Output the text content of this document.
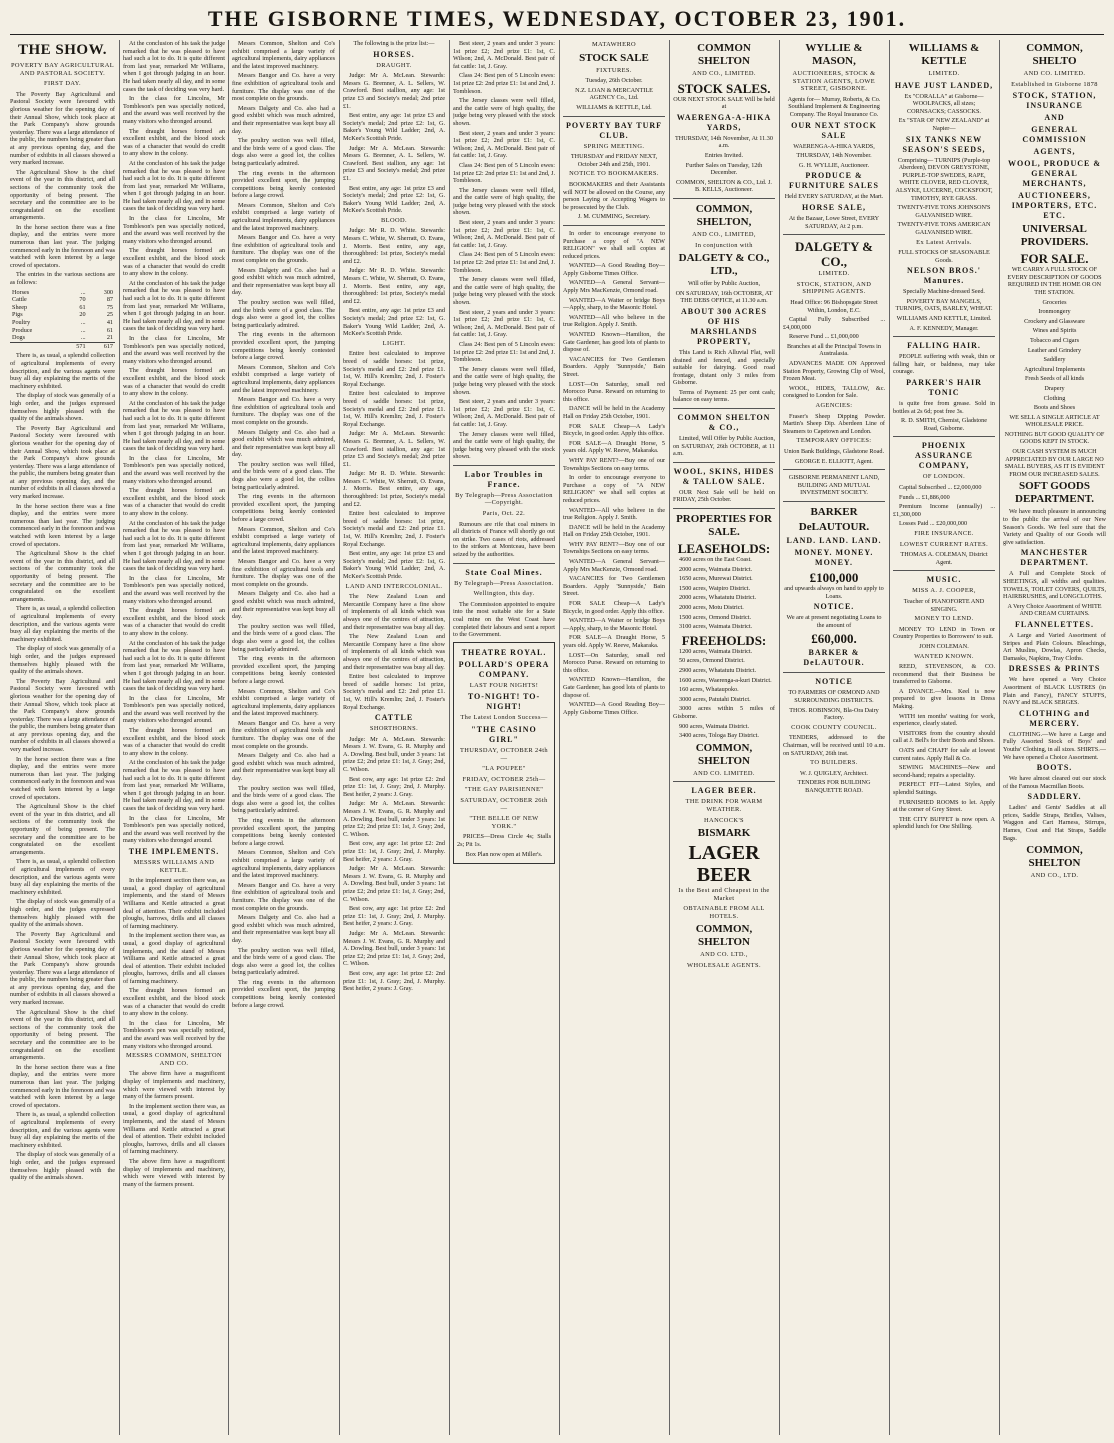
THE GISBORNE TIMES, WEDNESDAY, OCTOBER 23, 1901.
THE SHOW.
POVERTY BAY AGRICULTURAL AND PASTORAL SOCIETY.
FIRST DAY.

The Poverty Bay Agricultural and Pastoral Society were favoured with glorious weather for the opening day of their Annual Show, which took place at the Park Company's show grounds yesterday. There was a large attendance of the public, the numbers being greater than at any previous opening day, and the number of exhibits in all classes showed a very marked increase.

The Agricultural Show is the chief event of the year in this district, and all sections of the community took the opportunity of being present. The secretary and the committee are to be congratulated on the excellent arrangements.

In the horse section there was a fine display, and the entries were more numerous than last year. The judging commenced early in the forenoon and was watched with keen interest by a large crowd of spectators.

The entries in the various sections are as follows:

Horses	...	300
Cattle	70	87
Sheep	61	75
Pigs	20	25
Poultry	...	41
Produce	...	61
Dogs	...	21
	571	617

There is, as usual, a splendid collection of agricultural implements of every description, and the various agents were busy all day explaining the merits of the machinery exhibited.

The display of stock was generally of a high order, and the judges expressed themselves highly pleased with the quality of the animals shown.

The Poverty Bay Agricultural and Pastoral Society were favoured with glorious weather for the opening day of their Annual Show, which took place at the Park Company's show grounds yesterday. There was a large attendance of the public, the numbers being greater than at any previous opening day, and the number of exhibits in all classes showed a very marked increase.

In the horse section there was a fine display, and the entries were more numerous than last year. The judging commenced early in the forenoon and was watched with keen interest by a large crowd of spectators.

The Agricultural Show is the chief event of the year in this district, and all sections of the community took the opportunity of being present. The secretary and the committee are to be congratulated on the excellent arrangements.

There is, as usual, a splendid collection of agricultural implements of every description, and the various agents were busy all day explaining the merits of the machinery exhibited.

The display of stock was generally of a high order, and the judges expressed themselves highly pleased with the quality of the animals shown.

The Poverty Bay Agricultural and Pastoral Society were favoured with glorious weather for the opening day of their Annual Show, which took place at the Park Company's show grounds yesterday. There was a large attendance of the public, the numbers being greater than at any previous opening day, and the number of exhibits in all classes showed a very marked increase.

In the horse section there was a fine display, and the entries were more numerous than last year. The judging commenced early in the forenoon and was watched with keen interest by a large crowd of spectators.

The Agricultural Show is the chief event of the year in this district, and all sections of the community took the opportunity of being present. The secretary and the committee are to be congratulated on the excellent arrangements.

There is, as usual, a splendid collection of agricultural implements of every description, and the various agents were busy all day explaining the merits of the machinery exhibited.

The display of stock was generally of a high order, and the judges expressed themselves highly pleased with the quality of the animals shown.

The Poverty Bay Agricultural and Pastoral Society were favoured with glorious weather for the opening day of their Annual Show, which took place at the Park Company's show grounds yesterday. There was a large attendance of the public, the numbers being greater than at any previous opening day, and the number of exhibits in all classes showed a very marked increase.

The Agricultural Show is the chief event of the year in this district, and all sections of the community took the opportunity of being present. The secretary and the committee are to be congratulated on the excellent arrangements.

In the horse section there was a fine display, and the entries were more numerous than last year. The judging commenced early in the forenoon and was watched with keen interest by a large crowd of spectators.

There is, as usual, a splendid collection of agricultural implements of every description, and the various agents were busy all day explaining the merits of the machinery exhibited.

The display of stock was generally of a high order, and the judges expressed themselves highly pleased with the quality of the animals shown.

At the conclusion of his task the judge remarked that he was pleased to have had such a lot to do. It is quite different from last year, remarked Mr Williams, when I got through judging in an hour. He had taken nearly all day, and in some cases the task of deciding was very hard.

In the class for Lincolns, Mr Tombleson's pen was specially noticed, and the award was well received by the many visitors who thronged around.

The draught horses formed an excellent exhibit, and the blood stock was of a character that would do credit to any show in the colony.

At the conclusion of his task the judge remarked that he was pleased to have had such a lot to do. It is quite different from last year, remarked Mr Williams, when I got through judging in an hour. He had taken nearly all day, and in some cases the task of deciding was very hard.

In the class for Lincolns, Mr Tombleson's pen was specially noticed, and the award was well received by the many visitors who thronged around.

The draught horses formed an excellent exhibit, and the blood stock was of a character that would do credit to any show in the colony.

At the conclusion of his task the judge remarked that he was pleased to have had such a lot to do. It is quite different from last year, remarked Mr Williams, when I got through judging in an hour. He had taken nearly all day, and in some cases the task of deciding was very hard.

In the class for Lincolns, Mr Tombleson's pen was specially noticed, and the award was well received by the many visitors who thronged around.

The draught horses formed an excellent exhibit, and the blood stock was of a character that would do credit to any show in the colony.

At the conclusion of his task the judge remarked that he was pleased to have had such a lot to do. It is quite different from last year, remarked Mr Williams, when I got through judging in an hour. He had taken nearly all day, and in some cases the task of deciding was very hard.

In the class for Lincolns, Mr Tombleson's pen was specially noticed, and the award was well received by the many visitors who thronged around.

The draught horses formed an excellent exhibit, and the blood stock was of a character that would do credit to any show in the colony.

At the conclusion of his task the judge remarked that he was pleased to have had such a lot to do. It is quite different from last year, remarked Mr Williams, when I got through judging in an hour. He had taken nearly all day, and in some cases the task of deciding was very hard.

In the class for Lincolns, Mr Tombleson's pen was specially noticed, and the award was well received by the many visitors who thronged around.

The draught horses formed an excellent exhibit, and the blood stock was of a character that would do credit to any show in the colony.

At the conclusion of his task the judge remarked that he was pleased to have had such a lot to do. It is quite different from last year, remarked Mr Williams, when I got through judging in an hour. He had taken nearly all day, and in some cases the task of deciding was very hard.

In the class for Lincolns, Mr Tombleson's pen was specially noticed, and the award was well received by the many visitors who thronged around.

The draught horses formed an excellent exhibit, and the blood stock was of a character that would do credit to any show in the colony.

At the conclusion of his task the judge remarked that he was pleased to have had such a lot to do. It is quite different from last year, remarked Mr Williams, when I got through judging in an hour. He had taken nearly all day, and in some cases the task of deciding was very hard.

In the class for Lincolns, Mr Tombleson's pen was specially noticed, and the award was well received by the many visitors who thronged around.

THE IMPLEMENTS.
MESSRS WILLIAMS AND KETTLE.

In the implement section there was, as usual, a good display of agricultural implements, and the stand of Messrs Williams and Kettle attracted a great deal of attention. Their exhibit included ploughs, harrows, drills and all classes of farming machinery.

In the implement section there was, as usual, a good display of agricultural implements, and the stand of Messrs Williams and Kettle attracted a great deal of attention. Their exhibit included ploughs, harrows, drills and all classes of farming machinery.

The draught horses formed an excellent exhibit, and the blood stock was of a character that would do credit to any show in the colony.

In the class for Lincolns, Mr Tombleson's pen was specially noticed, and the award was well received by the many visitors who thronged around.

MESSRS COMMON, SHELTON AND CO.

The above firm have a magnificent display of implements and machinery, which were viewed with interest by many of the farmers present.

In the implement section there was, as usual, a good display of agricultural implements, and the stand of Messrs Williams and Kettle attracted a great deal of attention. Their exhibit included ploughs, harrows, drills and all classes of farming machinery.

The above firm have a magnificent display of implements and machinery, which were viewed with interest by many of the farmers present.

Messrs Common, Shelton and Co's exhibit comprised a large variety of agricultural implements, dairy appliances and the latest improved machinery.

Messrs Bangor and Co. have a very fine exhibition of agricultural tools and furniture. The display was one of the most complete on the grounds.

Messrs Dalgety and Co. also had a good exhibit which was much admired, and their representative was kept busy all day.

The poultry section was well filled, and the birds were of a good class. The dogs also were a good lot, the collies being particularly admired.

The ring events in the afternoon provided excellent sport, the jumping competitions being keenly contested before a large crowd.

Messrs Common, Shelton and Co's exhibit comprised a large variety of agricultural implements, dairy appliances and the latest improved machinery.

Messrs Bangor and Co. have a very fine exhibition of agricultural tools and furniture. The display was one of the most complete on the grounds.

Messrs Dalgety and Co. also had a good exhibit which was much admired, and their representative was kept busy all day.

The poultry section was well filled, and the birds were of a good class. The dogs also were a good lot, the collies being particularly admired.

The ring events in the afternoon provided excellent sport, the jumping competitions being keenly contested before a large crowd.

Messrs Common, Shelton and Co's exhibit comprised a large variety of agricultural implements, dairy appliances and the latest improved machinery.

Messrs Bangor and Co. have a very fine exhibition of agricultural tools and furniture. The display was one of the most complete on the grounds.

Messrs Dalgety and Co. also had a good exhibit which was much admired, and their representative was kept busy all day.

The poultry section was well filled, and the birds were of a good class. The dogs also were a good lot, the collies being particularly admired.

The ring events in the afternoon provided excellent sport, the jumping competitions being keenly contested before a large crowd.

Messrs Common, Shelton and Co's exhibit comprised a large variety of agricultural implements, dairy appliances and the latest improved machinery.

Messrs Bangor and Co. have a very fine exhibition of agricultural tools and furniture. The display was one of the most complete on the grounds.

Messrs Dalgety and Co. also had a good exhibit which was much admired, and their representative was kept busy all day.

The poultry section was well filled, and the birds were of a good class. The dogs also were a good lot, the collies being particularly admired.

The ring events in the afternoon provided excellent sport, the jumping competitions being keenly contested before a large crowd.

Messrs Common, Shelton and Co's exhibit comprised a large variety of agricultural implements, dairy appliances and the latest improved machinery.

Messrs Bangor and Co. have a very fine exhibition of agricultural tools and furniture. The display was one of the most complete on the grounds.

Messrs Dalgety and Co. also had a good exhibit which was much admired, and their representative was kept busy all day.

The poultry section was well filled, and the birds were of a good class. The dogs also were a good lot, the collies being particularly admired.

The ring events in the afternoon provided excellent sport, the jumping competitions being keenly contested before a large crowd.

Messrs Common, Shelton and Co's exhibit comprised a large variety of agricultural implements, dairy appliances and the latest improved machinery.

Messrs Bangor and Co. have a very fine exhibition of agricultural tools and furniture. The display was one of the most complete on the grounds.

Messrs Dalgety and Co. also had a good exhibit which was much admired, and their representative was kept busy all day.

The poultry section was well filled, and the birds were of a good class. The dogs also were a good lot, the collies being particularly admired.

The ring events in the afternoon provided excellent sport, the jumping competitions being keenly contested before a large crowd.

The following is the prize list:—

HORSES.
DRAUGHT.

Judge: Mr A. McLean. Stewards: Messrs G. Bremner, A. L. Sellers, W. Crawford. Best stallion, any age: 1st prize £3 and Society's medal; 2nd prize £1.

Best entire, any age: 1st prize £3 and Society's medal; 2nd prize £2: 1st, G. Baker's Young Wild Ladder; 2nd, A. McKee's Scottish Pride.

Judge: Mr A. McLean. Stewards: Messrs G. Bremner, A. L. Sellers, W. Crawford. Best stallion, any age: 1st prize £3 and Society's medal; 2nd prize £1.

Best entire, any age: 1st prize £3 and Society's medal; 2nd prize £2: 1st, G. Baker's Young Wild Ladder; 2nd, A. McKee's Scottish Pride.

BLOOD.

Judge: Mr R. D. White. Stewards: Messrs C. White, W. Sherratt, O. Evans, J. Morris. Best entire, any age, thoroughbred: 1st prize, Society's medal and £2.

Judge: Mr R. D. White. Stewards: Messrs C. White, W. Sherratt, O. Evans, J. Morris. Best entire, any age, thoroughbred: 1st prize, Society's medal and £2.

Best entire, any age: 1st prize £3 and Society's medal; 2nd prize £2: 1st, G. Baker's Young Wild Ladder; 2nd, A. McKee's Scottish Pride.

LIGHT.

Entire best calculated to improve breed of saddle horses: 1st prize, Society's medal and £2: 2nd prize £1. 1st, W. Hill's Kremlin; 2nd, J. Foster's Royal Exchange.

Entire best calculated to improve breed of saddle horses: 1st prize, Society's medal and £2: 2nd prize £1. 1st, W. Hill's Kremlin; 2nd, J. Foster's Royal Exchange.

Judge: Mr A. McLean. Stewards: Messrs G. Bremner, A. L. Sellers, W. Crawford. Best stallion, any age: 1st prize £3 and Society's medal; 2nd prize £1.

Judge: Mr R. D. White. Stewards: Messrs C. White, W. Sherratt, O. Evans, J. Morris. Best entire, any age, thoroughbred: 1st prize, Society's medal and £2.

Entire best calculated to improve breed of saddle horses: 1st prize, Society's medal and £2: 2nd prize £1. 1st, W. Hill's Kremlin; 2nd, J. Foster's Royal Exchange.

Best entire, any age: 1st prize £3 and Society's medal; 2nd prize £2: 1st, G. Baker's Young Wild Ladder; 2nd, A. McKee's Scottish Pride.

LAND AND INTERCOLONIAL.

The New Zealand Loan and Mercantile Company have a fine show of implements of all kinds which was always one of the centres of attraction, and their representative was busy all day.

The New Zealand Loan and Mercantile Company have a fine show of implements of all kinds which was always one of the centres of attraction, and their representative was busy all day.

Entire best calculated to improve breed of saddle horses: 1st prize, Society's medal and £2: 2nd prize £1. 1st, W. Hill's Kremlin; 2nd, J. Foster's Royal Exchange.

CATTLE
SHORTHORNS.

Judge: Mr A. McLean. Stewards: Messrs J. W. Evans, G. R. Murphy and A. Dowling. Best bull, under 3 years: 1st prize £2; 2nd prize £1: 1st, J. Gray; 2nd, C. Wilson.

Best cow, any age: 1st prize £2: 2nd prize £1: 1st, J. Gray; 2nd, J. Murphy. Best heifer, 2 years: J. Gray.

Judge: Mr A. McLean. Stewards: Messrs J. W. Evans, G. R. Murphy and A. Dowling. Best bull, under 3 years: 1st prize £2; 2nd prize £1: 1st, J. Gray; 2nd, C. Wilson.

Best cow, any age: 1st prize £2: 2nd prize £1: 1st, J. Gray; 2nd, J. Murphy. Best heifer, 2 years: J. Gray.

Judge: Mr A. McLean. Stewards: Messrs J. W. Evans, G. R. Murphy and A. Dowling. Best bull, under 3 years: 1st prize £2; 2nd prize £1: 1st, J. Gray; 2nd, C. Wilson.

Best cow, any age: 1st prize £2: 2nd prize £1: 1st, J. Gray; 2nd, J. Murphy. Best heifer, 2 years: J. Gray.

Judge: Mr A. McLean. Stewards: Messrs J. W. Evans, G. R. Murphy and A. Dowling. Best bull, under 3 years: 1st prize £2; 2nd prize £1: 1st, J. Gray; 2nd, C. Wilson.

Best cow, any age: 1st prize £2: 2nd prize £1: 1st, J. Gray; 2nd, J. Murphy. Best heifer, 2 years: J. Gray.

Best steer, 2 years and under 3 years: 1st prize £2; 2nd prize £1: 1st, C. Wilson; 2nd, A. McDonald. Best pair of fat cattle: 1st, J. Gray.

Class 24: Best pen of 5 Lincoln ewes: 1st prize £2: 2nd prize £1: 1st and 2nd, J. Tombleson.

The Jersey classes were well filled, and the cattle were of high quality, the judge being very pleased with the stock shown.

Best steer, 2 years and under 3 years: 1st prize £2; 2nd prize £1: 1st, C. Wilson; 2nd, A. McDonald. Best pair of fat cattle: 1st, J. Gray.

Class 24: Best pen of 5 Lincoln ewes: 1st prize £2: 2nd prize £1: 1st and 2nd, J. Tombleson.

The Jersey classes were well filled, and the cattle were of high quality, the judge being very pleased with the stock shown.

Best steer, 2 years and under 3 years: 1st prize £2; 2nd prize £1: 1st, C. Wilson; 2nd, A. McDonald. Best pair of fat cattle: 1st, J. Gray.

Class 24: Best pen of 5 Lincoln ewes: 1st prize £2: 2nd prize £1: 1st and 2nd, J. Tombleson.

The Jersey classes were well filled, and the cattle were of high quality, the judge being very pleased with the stock shown.

Best steer, 2 years and under 3 years: 1st prize £2; 2nd prize £1: 1st, C. Wilson; 2nd, A. McDonald. Best pair of fat cattle: 1st, J. Gray.

Class 24: Best pen of 5 Lincoln ewes: 1st prize £2: 2nd prize £1: 1st and 2nd, J. Tombleson.

The Jersey classes were well filled, and the cattle were of high quality, the judge being very pleased with the stock shown.

Best steer, 2 years and under 3 years: 1st prize £2; 2nd prize £1: 1st, C. Wilson; 2nd, A. McDonald. Best pair of fat cattle: 1st, J. Gray.

The Jersey classes were well filled, and the cattle were of high quality, the judge being very pleased with the stock shown.

Labor Troubles in France.
By Telegraph—Press Association—Copyright.
Paris, Oct. 22.

Rumours are rife that coal miners in all districts of France will shortly go out on strike. Two cases of riots, addressed to the strikers at Montceau, have been seized by the authorities.

State Coal Mines.
By Telegraph—Press Association.
Wellington, this day.

The Commission appointed to enquire into the most suitable site for a State coal mine on the West Coast have completed their labours and sent a report to the Government.

THEATRE ROYAL.
POLLARD'S OPERA COMPANY.
LAST FOUR NIGHTS!
TO-NIGHT! TO-NIGHT!
The Latest London Success—
"THE CASINO GIRL"
THURSDAY, OCTOBER 24th—
"LA POUPEE"
FRIDAY, OCTOBER 25th—
"THE GAY PARISIENNE"
SATURDAY, OCTOBER 26th—
"THE BELLE OF NEW YORK."

PRICES—Dress Circle 4s; Stalls 2s; Pit 1s.

Box Plan now open at Miller's.

MATAWHERO
STOCK SALE
FIXTURES.

Tuesday, 26th October.

N.Z. LOAN & MERCANTILE AGENCY Co., Ltd.

WILLIAMS & KETTLE, Ltd.

POVERTY BAY TURF CLUB.
SPRING MEETING.

THURSDAY and FRIDAY NEXT, October 24th and 25th, 1901.

NOTICE TO BOOKMAKERS.

BOOKMAKERS and their Assistants will NOT be allowed on the Course, any person Laying or Accepting Wagers to be prosecuted by the Club.

J. M. CUMMING, Secretary.

In order to encourage everyone to Purchase a copy of "A NEW RELIGION" we shall sell copies at reduced prices.

WANTED—A Good Reading Boy—Apply Gisborne Times Office.

WANTED—A General Servant—Apply Mrs MacKenzie, Ormond road.

WANTED—A Waiter or bridge Boys—Apply, sharp, to the Masonic Hotel.

WANTED—All who believe in the true Religion. Apply J. Smith.

WANTED Known—Hamilton, the Gate Gardener, has good lots of plants to dispose of.

VACANCIES for Two Gentlemen Boarders. Apply 'Sunnyside,' Bain Street.

LOST—On Saturday, small red Morocco Purse. Reward on returning to this office.

DANCE will be held in the Academy Hall on Friday 25th October, 1901.

FOR SALE Cheap—A Lady's Bicycle, in good order. Apply this office.

FOR SALE—A Draught Horse, 5 years old. Apply W. Reeve, Makaraka.

WHY PAY RENT?—Buy one of our Townships Sections on easy terms.

In order to encourage everyone to Purchase a copy of "A NEW RELIGION" we shall sell copies at reduced prices.

WANTED—All who believe in the true Religion. Apply J. Smith.

DANCE will be held in the Academy Hall on Friday 25th October, 1901.

WHY PAY RENT?—Buy one of our Townships Sections on easy terms.

WANTED—A General Servant—Apply Mrs MacKenzie, Ormond road.

VACANCIES for Two Gentlemen Boarders. Apply 'Sunnyside,' Bain Street.

FOR SALE Cheap—A Lady's Bicycle, in good order. Apply this office.

WANTED—A Waiter or bridge Boys—Apply, sharp, to the Masonic Hotel.

FOR SALE—A Draught Horse, 5 years old. Apply W. Reeve, Makaraka.

LOST—On Saturday, small red Morocco Purse. Reward on returning to this office.

WANTED Known—Hamilton, the Gate Gardener, has good lots of plants to dispose of.

WANTED—A Good Reading Boy—Apply Gisborne Times Office.

COMMON SHELTON
AND CO., LIMITED.
STOCK SALES.

OUR NEXT STOCK SALE Will be held at

WAERENGA-A-HIKA YARDS,

THURSDAY, 14th November, At 11.30 a.m.

Entries Invited.

Further Sales on Tuesday, 12th December.

COMMON, SHELTON & CO., Ltd. J. B. KELLS, Auctioneer.

COMMON, SHELTON,
AND CO., LIMITED,
In conjunction with
DALGETY & CO., LTD.,

Will offer by Public Auction,

ON SATURDAY, 16th OCTOBER, AT THE DEBS OFFICE, at 11.30 a.m.

ABOUT 300 ACRES OF HIS MARSHLANDS PROPERTY,

This Land is Rich Alluvial Flat, well drained and fenced, and specially suitable for dairying. Good road frontage, distant only 3 miles from Gisborne.

Terms of Payment: 25 per cent cash; balance on easy terms.

COMMON SHELTON & CO.,

Limited, Will Offer by Public Auction, on SATURDAY, 26th OCTOBER, at 11 a.m.

WOOL, SKINS, HIDES & TALLOW SALE.

OUR Next Sale will be held on FRIDAY, 25th October.

PROPERTIES FOR SALE.
LEASEHOLDS:

4600 acres on the East Coast.

2000 acres, Waimata District.

1650 acres, Murewai District.

1500 acres, Waipiro District.

2000 acres, Whatatutu District.

2000 acres, Motu District.

1500 acres, Ormond District.

3100 acres, Waimata District.

FREEHOLDS:

1200 acres, Waimata District.

50 acres, Ormond District.

2900 acres, Whatatutu District.

1600 acres, Waerenga-a-kuri District.

160 acres, Whataupoko.

3000 acres, Patutahi District.

3000 acres within 5 miles of Gisborne.

900 acres, Waimata District.

3400 acres, Tologa Bay District.

COMMON, SHELTON
AND CO. LIMITED.
LAGER BEER.
THE DRINK FOR WARM WEATHER.
HANCOCK'S
BISMARK
LAGER BEER
Is the Best and Cheapest in the Market
OBTAINABLE FROM ALL HOTELS.
COMMON, SHELTON
AND CO. LTD.,
WHOLESALE AGENTS.
WYLLIE & MASON,
AUCTIONEERS, STOCK & STATION AGENTS, LOWE STREET, GISBORNE.

Agents for— Murray, Roberts, & Co. Southland Implement & Engineering Company. The Royal Insurance Co.

OUR NEXT STOCK SALE

WAERENGA-A-HIKA YARDS,

THURSDAY, 14th November.

G. H. WYLLIE, Auctioneer.

PRODUCE & FURNITURE SALES

Held EVERY SATURDAY, at the Mart.

HORSE SALE,

At the Bazaar, Lowe Street, EVERY SATURDAY, At 2 p.m.

DALGETY & CO.,
LIMITED.
STOCK, STATION, AND SHIPPING AGENTS.

Head Office: 96 Bishopsgate Street Within, London, E.C.

Capital Fully Subscribed ... £4,000,000

Reserve Fund ... £1,000,000

Branches at all the Principal Towns in Australasia.

ADVANCES MADE ON Approved Station Property, Growing Clip of Wool, Frozen Meat.

WOOL, HIDES, TALLOW, &c. consigned to London for Sale.

AGENCIES:

Fraser's Sheep Dipping Powder. Martin's Sheep Dip. Aberdeen Line of Steamers to Capetown and London.

TEMPORARY OFFICES:

Union Bank Buildings, Gladstone Road.

GEORGE E. ELLIOTT, Agent.

GISBORNE PERMANENT LAND, BUILDING AND MUTUAL INVESTMENT SOCIETY.

BARKER
DeLAUTOUR.
LAND. LAND. LAND.
MONEY. MONEY. MONEY.
£100,000

and upwards always on hand to apply to Loans.

NOTICE.

We are at present negotiating Loans to the amount of

£60,000.
BARKER & DeLAUTOUR.
NOTICE

TO FARMERS OF ORMOND AND SURROUNDING DISTRICTS.

THOS. ROBINSON, Bla-Ora Dairy Factory.

COOK COUNTY COUNCIL.

TENDERS, addressed to the Chairman, will be received until 10 a.m. on SATURDAY, 26th inst.

TO BUILDERS.

W. J. QUIGLEY, Architect.

TENDERS FOR BUILDING BANQUETTE ROAD.

WILLIAMS & KETTLE
LIMITED.
HAVE JUST LANDED,

Ex "CORALLA" at Gisborne— WOOLPACKS, all sizes; CORNSACKS; CASSOCKS.

Ex "STAR OF NEW ZEALAND" at Napier—

SIX TANKS NEW SEASON'S SEEDS,

Comprising— TURNIPS (Purple-top Aberdeen), DEVON GREYSTONE, PURPLE-TOP SWEDES, RAPE, WHITE CLOVER, RED CLOVER, ALSYKE, LUCERNE, COCKSFOOT, TIMOTHY, RYE GRASS.

TWENTY-FIVE TONS JOHNSON'S GALVANISED WIRE.

TWENTY-FIVE TONS AMERICAN GALVANISED WIRE.

Ex Latest Arrivals.

FULL STOCKS OF SEASONABLE Goods.

NELSON BROS.' Manures.

Specially Machine-dressed Seed.

POVERTY BAY MANGELS, TURNIPS, OATS, BARLEY, WHEAT.

WILLIAMS AND KETTLE, Limited.

A. F. KENNEDY, Manager.

FALLING HAIR.

PEOPLE suffering with weak, thin or falling hair, or baldness, may take courage.

PARKER'S HAIR TONIC

is quite free from grease. Sold in bottles at 2s 6d; post free 3s.

R. D. SMITH, Chemist, Gladstone Road, Gisborne.

PHOENIX ASSURANCE COMPANY,
OF LONDON.

Capital Subscribed ... £2,000,000

Funds ... £1,886,000

Premium Income (annually) ... £1,300,000

Losses Paid ... £20,000,000

FIRE INSURANCE.
LOWEST CURRENT RATES.

THOMAS A. COLEMAN, District Agent.

MUSIC.
MISS A. J. COOPER,

Teacher of PIANOFORTE AND SINGING.

MONEY TO LEND.

MONEY TO LEND in Town or Country Properties to Borrowers' to suit.

JOHN COLEMAN.

WANTED KNOWN.

REED, STEVENSON, & CO. recommend that their Business be transferred to Gisborne.

A DVANCE.—Mrs. Keel is now prepared to give lessons in Dress Making.

WITH ten months' waiting for work, experience, clearly stated.

VISITORS from the country should call at J. Bell's for their Boots and Shoes.

OATS and CHAFF for sale at lowest current rates. Apply Hall & Co.

SEWING MACHINES—New and second-hand; repairs a speciality.

PERFECT FIT—Latest Styles, and splendid Suitings.

FURNISHED ROOMS to let. Apply at the corner of Grey Street.

THE CITY BUFFET is now open. A splendid lunch for One Shilling.

COMMON, SHELTO
AND CO. LIMITED.
Established in Gisborne 1878
STOCK, STATION, INSURANCE
AND
GENERAL COMMISSION
AGENTS,
WOOL, PRODUCE & GENERAL MERCHANTS,
AUCTIONEERS, IMPORTERS, ETC. ETC.
UNIVERSAL PROVIDERS.
FOR SALE.

WE CARRY A FULL STOCK OF EVERY DESCRIPTION OF GOODS REQUIRED IN THE HOME OR ON THE STATION.

Groceries

Ironmongery

Crockery and Glassware

Wines and Spirits

Tobacco and Cigars

Leather and Grindery

Saddlery

Agricultural Implements

Fresh Seeds of all kinds

Drapery

Clothing

Boots and Shoes

WE SELL A SINGLE ARTICLE AT WHOLESALE PRICE.

NOTHING BUT GOOD QUALITY OF GOODS KEPT IN STOCK.

OUR CASH SYSTEM IS MUCH APPRECIATED BY OUR LARGE NO SMALL BUYERS, AS IT IS EVIDENT FROM OUR INCREASED SALES.

SOFT GOODS DEPARTMENT.

We have much pleasure in announcing to the public the arrival of our New Season's Goods. We feel sure that the Variety and Quality of our Goods will give satisfaction.

MANCHESTER DEPARTMENT.

A Full and Complete Stock of SHEETINGS, all widths and qualities. TOWELS, TOILET COVERS, QUILTS, HAIRBRUSHES, and LONGCLOTHS.

A Very Choice Assortment of WHITE AND CREAM CURTAINS.

FLANNELETTES.

A Large and Varied Assortment of Stripes and Plain Colours. Bleachings, Art Muslins, Dowlas, Apron Checks, Damasks, Napkins, Tray Cloths.

DRESSES & PRINTS

We have opened a Very Choice Assortment of BLACK LUSTRES (in Plain and Fancy), FANCY STUFFS, NAVY and BLACK SERGES.

CLOTHING and MERCERY.

CLOTHING.—We have a Large and Fully Assorted Stock of Boys' and Youths' Clothing, in all sizes. SHIRTS.—We have opened a Choice Assortment.

BOOTS.

We have almost cleared out our stock of the Famous Macmillan Boots.

SADDLERY.

Ladies' and Gents' Saddles at all prices, Saddle Straps, Bridles, Valises, Waggon and Cart Harness, Stirrups, Hames, Coat and Hat Straps, Saddle Bags.

COMMON, SHELTON
AND CO., LTD.
